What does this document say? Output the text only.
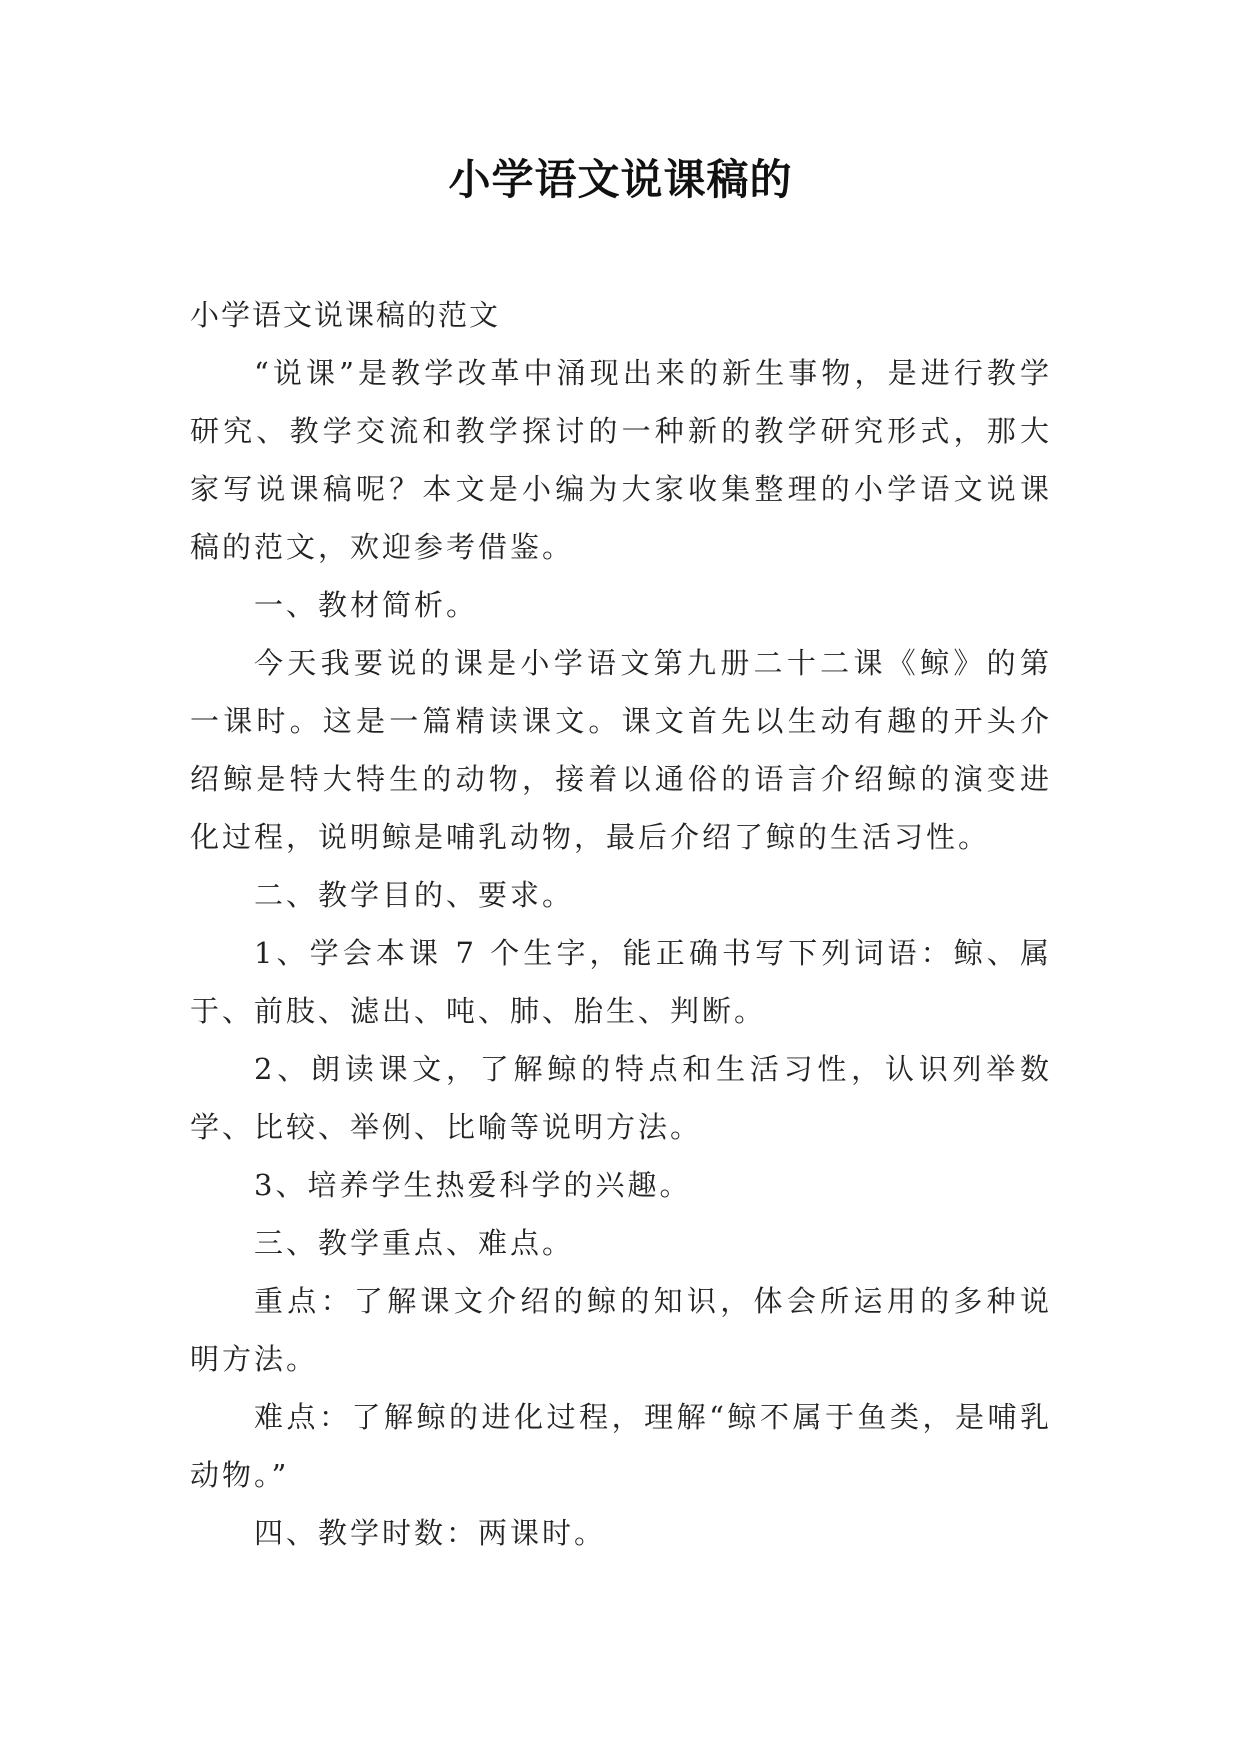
小学语文说课稿的

小学语文说课稿的范文

“说课”是教学改革中涌现出来的新生事物，是进行教学研究、教学交流和教学探讨的一种新的教学研究形式，那大家写说课稿呢？本文是小编为大家收集整理的小学语文说课稿的范文，欢迎参考借鉴。

一、教材简析。

今天我要说的课是小学语文第九册二十二课《鲸》的第一课时。这是一篇精读课文。课文首先以生动有趣的开头介绍鲸是特大特生的动物，接着以通俗的语言介绍鲸的演变进化过程，说明鲸是哺乳动物，最后介绍了鲸的生活习性。

二、教学目的、要求。

1、学会本课 7 个生字，能正确书写下列词语：鲸、属于、前肢、滤出、吨、肺、胎生、判断。

2、朗读课文，了解鲸的特点和生活习性，认识列举数学、比较、举例、比喻等说明方法。

3、培养学生热爱科学的兴趣。

三、教学重点、难点。

重点：了解课文介绍的鲸的知识，体会所运用的多种说明方法。

难点：了解鲸的进化过程，理解“鲸不属于鱼类，是哺乳动物。”

四、教学时数：两课时。
